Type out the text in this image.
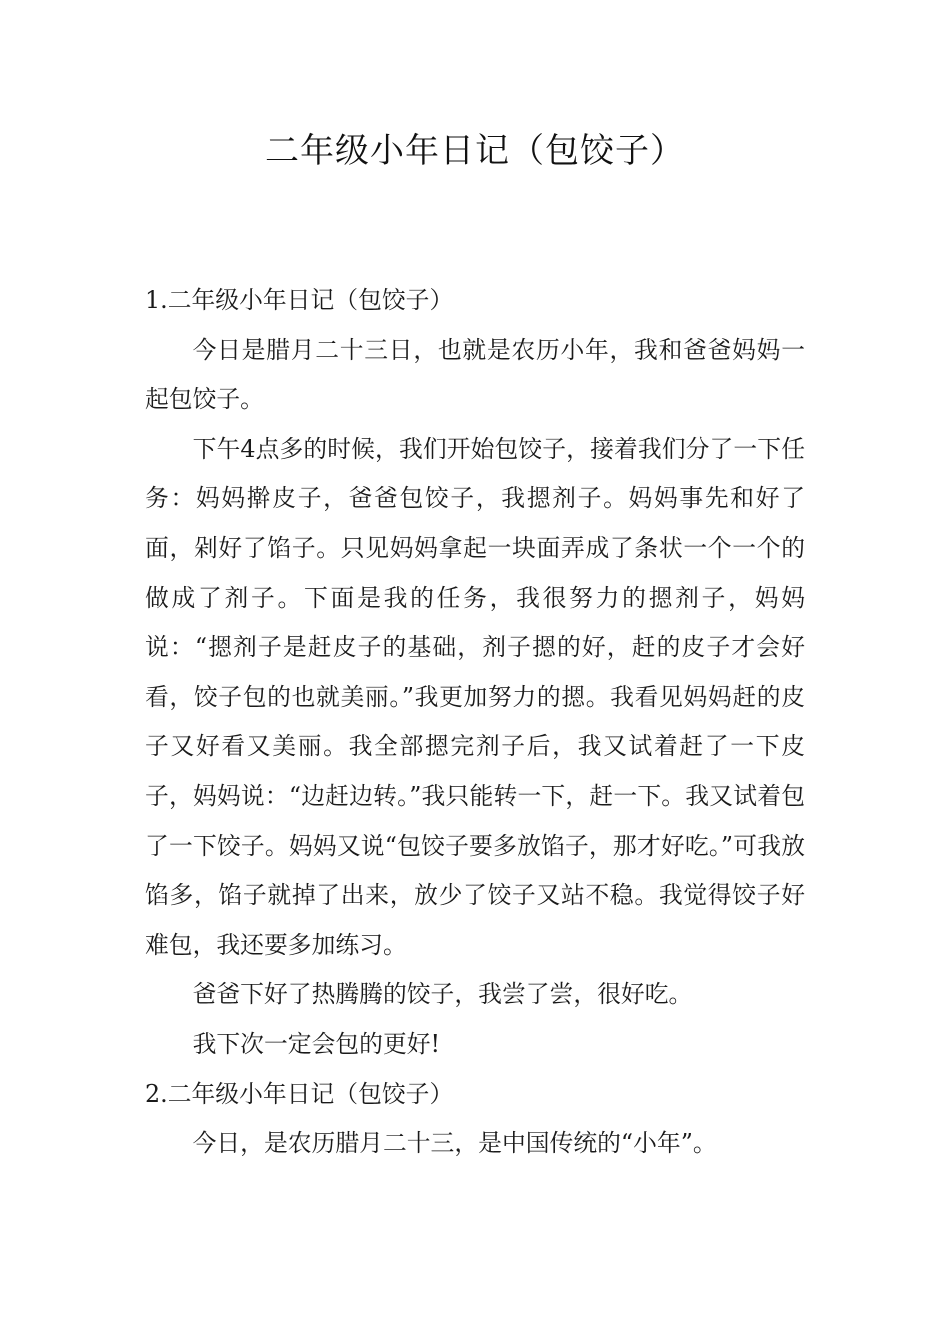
二年级小年日记（包饺子）

1.二年级小年日记（包饺子）

今日是腊月二十三日，也就是农历小年，我和爸爸妈妈一起包饺子。

下午4点多的时候，我们开始包饺子，接着我们分了一下任务：妈妈擀皮子，爸爸包饺子，我摁剂子。妈妈事先和好了面，剁好了馅子。只见妈妈拿起一块面弄成了条状一个一个的做成了剂子。下面是我的任务，我很努力的摁剂子，妈妈说：“摁剂子是赶皮子的基础，剂子摁的好，赶的皮子才会好看，饺子包的也就美丽。”我更加努力的摁。我看见妈妈赶的皮子又好看又美丽。我全部摁完剂子后，我又试着赶了一下皮子，妈妈说：“边赶边转。”我只能转一下，赶一下。我又试着包了一下饺子。妈妈又说“包饺子要多放馅子，那才好吃。”可我放馅多，馅子就掉了出来，放少了饺子又站不稳。我觉得饺子好难包，我还要多加练习。

爸爸下好了热腾腾的饺子，我尝了尝，很好吃。

我下次一定会包的更好!

2.二年级小年日记（包饺子）

今日，是农历腊月二十三，是中国传统的“小年”。
